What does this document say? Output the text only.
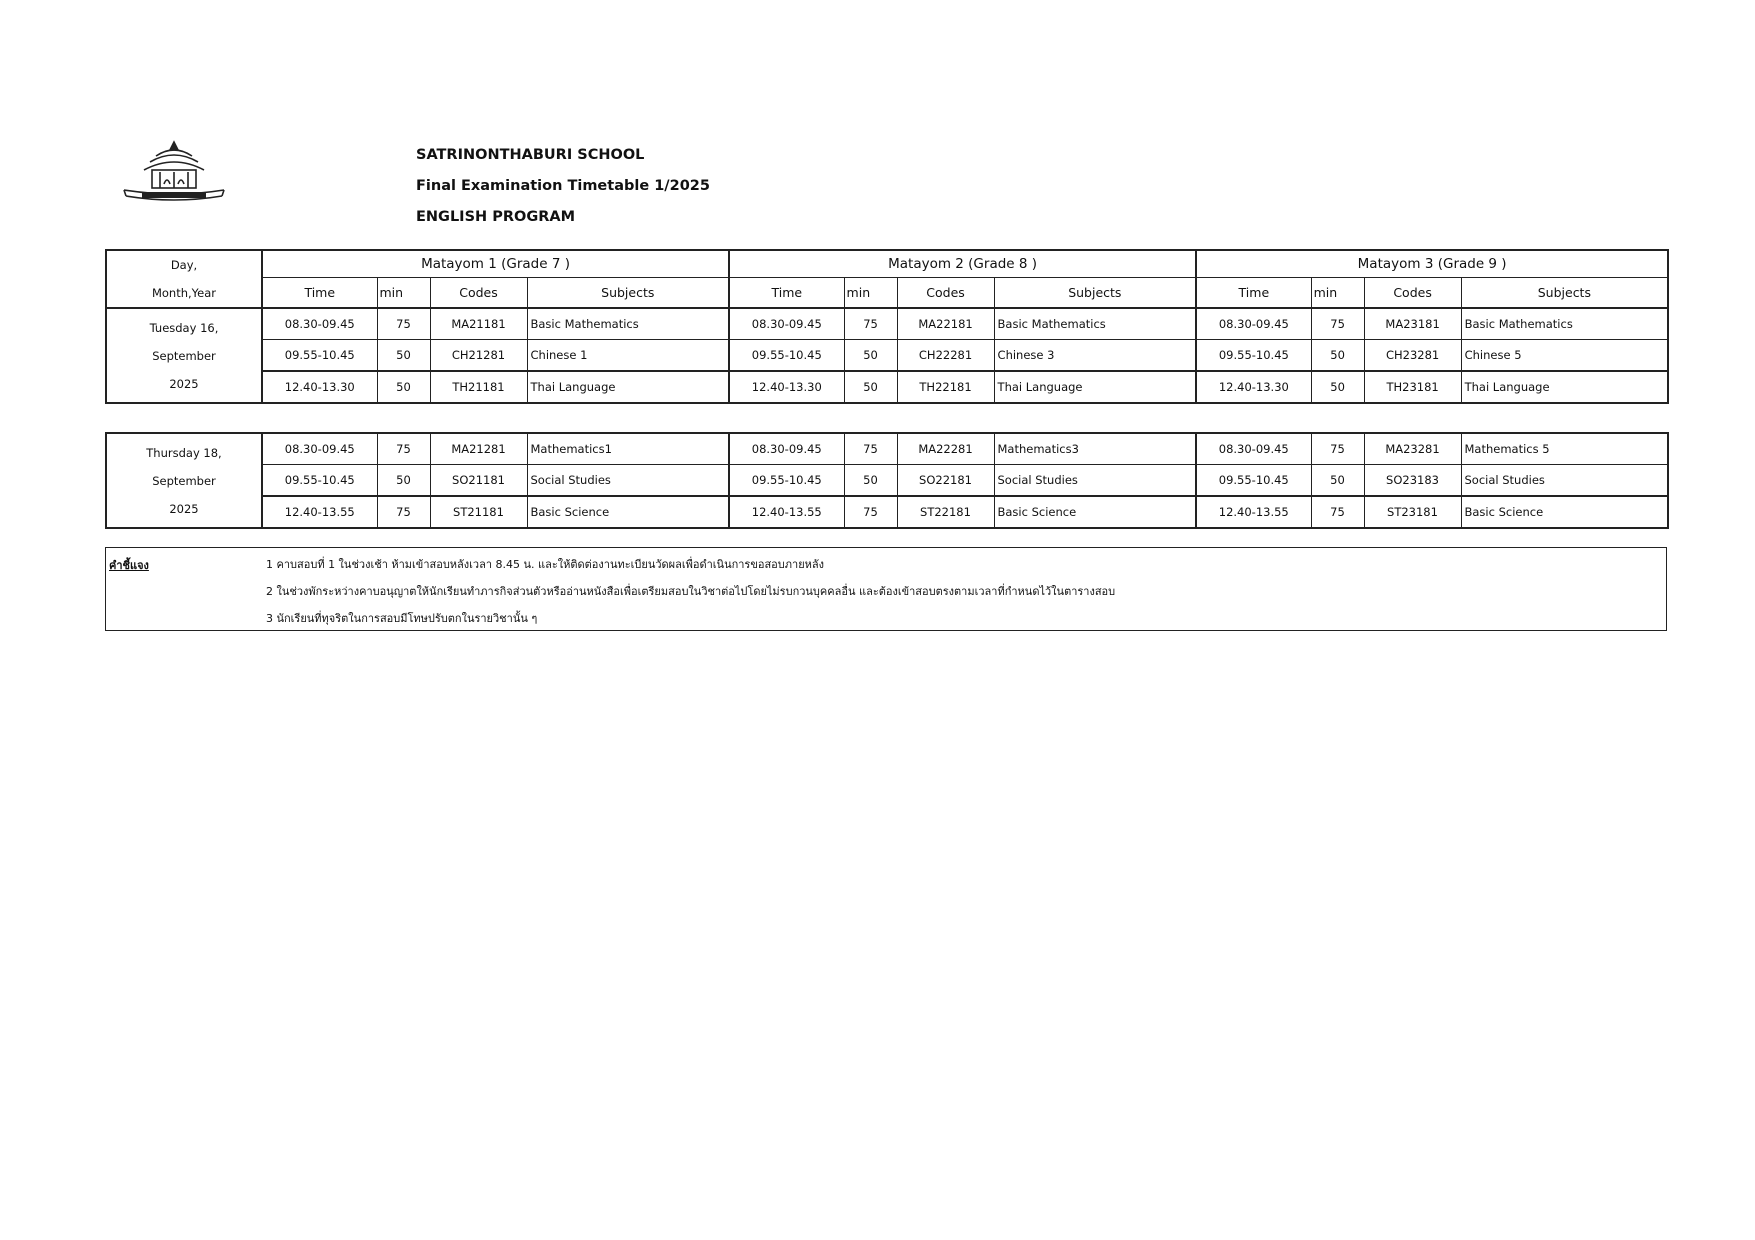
SATRINONTHABURI SCHOOL
Final Examination Timetable 1/2025
ENGLISH PROGRAM
Day,
Month,Year	Matayom 1 (Grade 7 )				Matayom 2 (Grade 8 )				Matayom 3 (Grade 9 )			
	Time	min	Codes	Subjects	Time	min	Codes	Subjects	Time	min	Codes	Subjects

Tuesday 16,
September
2025	08.30-09.45	75	MA21181	Basic Mathematics	08.30-09.45	75	MA22181	Basic Mathematics	08.30-09.45	75	MA23181	Basic Mathematics
	09.55-10.45	50	CH21281	Chinese 1	09.55-10.45	50	CH22281	Chinese 3	09.55-10.45	50	CH23281	Chinese 5
	12.40-13.30	50	TH21181	Thai Language	12.40-13.30	50	TH22181	Thai Language	12.40-13.30	50	TH23181	Thai Language
Thursday 18,
September
2025	08.30-09.45	75	MA21281	Mathematics1	08.30-09.45	75	MA22281	Mathematics3	08.30-09.45	75	MA23281	Mathematics 5
	09.55-10.45	50	SO21181	Social Studies	09.55-10.45	50	SO22181	Social Studies	09.55-10.45	50	SO23183	Social Studies
	12.40-13.55	75	ST21181	Basic Science	12.40-13.55	75	ST22181	Basic Science	12.40-13.55	75	ST23181	Basic Science
คำชี้แจง	1 คาบสอบที่ 1 ในช่วงเช้า ห้ามเข้าสอบหลังเวลา 8.45 น. และให้ติดต่องานทะเบียนวัดผลเพื่อดำเนินการขอสอบภายหลัง
2 ในช่วงพักระหว่างคาบอนุญาตให้นักเรียนทำภารกิจส่วนตัวหรืออ่านหนังสือเพื่อเตรียมสอบในวิชาต่อไปโดยไม่รบกวนบุคคลอื่น และต้องเข้าสอบตรงตามเวลาที่กำหนดไว้ในตารางสอบ
3 นักเรียนที่ทุจริตในการสอบมีโทษปรับตกในรายวิชานั้น ๆ
